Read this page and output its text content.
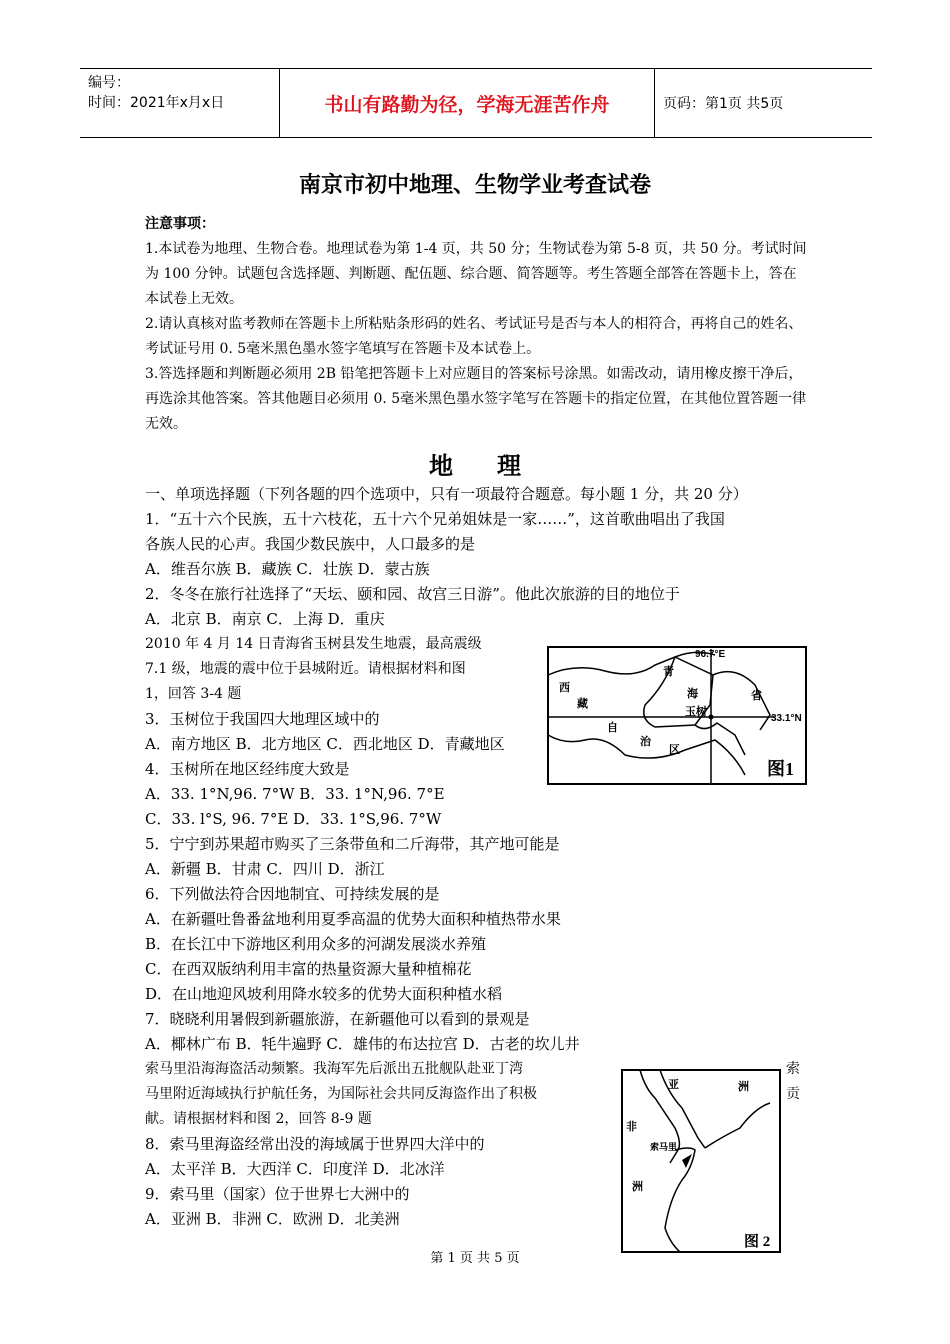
编号：
时间：2021年x月x日	书山有路勤为径，学海无涯苦作舟	页码：第1页 共5页
南京市初中地理、生物学业考查试卷

注意事项：

1.本试卷为地理、生物合卷。地理试卷为第 1-4 页，共 50 分；生物试卷为第 5-8 页，共 50 分。考试时间为 100 分钟。试题包含选择题、判断题、配伍题、综合题、简答题等。考生答题全部答在答题卡上，答在本试卷上无效。

2.请认真核对监考教师在答题卡上所粘贴条形码的姓名、考试证号是否与本人的相符合，再将自己的姓名、考试证号用 0. 5毫米黑色墨水签字笔填写在答题卡及本试卷上。

3.答选择题和判断题必须用 2B 铅笔把答题卡上对应题目的答案标号涂黑。如需改动，请用橡皮擦干净后，再选涂其他答案。答其他题目必须用 0. 5毫米黑色墨水签字笔写在答题卡的指定位置，在其他位置答题一律无效。

地理
一、单项选择题（下列各题的四个选项中，只有一项最符合题意。每小题 1 分，共 20 分）
1．“五十六个民族，五十六枝花，五十六个兄弟姐妹是一家……”，这首歌曲唱出了我国
各族人民的心声。我国少数民族中，人口最多的是
A．维吾尔族 B．藏族 C．壮族 D．蒙古族
2．冬冬在旅行社选择了“天坛、颐和园、故宫三日游”。他此次旅游的目的地位于
A．北京 B．南京 C．上海 D．重庆
2010 年 4 月 14 日青海省玉树县发生地震，最高震级
7.1 级，地震的震中位于县城附近。请根据材料和图
1，回答 3-4 题
3．玉树位于我国四大地理区域中的
A．南方地区 B．北方地区 C．西北地区 D．青藏地区
4．玉树所在地区经纬度大致是
A．33. 1°N,96. 7°W B．33. 1°N,96. 7°E
C．33. l°S, 96. 7°E D．33. 1°S,96. 7°W
5．宁宁到苏果超市购买了三条带鱼和二斤海带，其产地可能是
A．新疆 B．甘肃 C．四川 D．浙江
6．下列做法符合因地制宜、可持续发展的是
A．在新疆吐鲁番盆地利用夏季高温的优势大面积种植热带水果
B．在长江中下游地区利用众多的河湖发展淡水养殖
C．在西双版纳利用丰富的热量资源大量种植棉花
D．在山地迎风坡利用降水较多的优势大面积种植水稻
7．晓晓利用暑假到新疆旅游，在新疆他可以看到的景观是
A．椰林广布 B．牦牛遍野 C．雄伟的布达拉宫 D．古老的坎儿井
索马里沿海海盗活动频繁。我海军先后派出五批舰队赴亚丁湾
马里附近海域执行护航任务，为国际社会共同反海盗作出了积极
献。请根据材料和图 2，回答 8-9 题
8．索马里海盗经常出没的海域属于世界四大洋中的
A．太平洋 B．大西洋 C．印度洋 D．北冰洋
9．索马里（国家）位于世界七大洲中的
A．亚洲 B．非洲 C．欧洲 D．北美洲
索
贡
96.7°E
33.1°N
西
藏
青
海	省
自
治
区
玉树
图1
亚	洲
非
洲
索马里
图 2
第 1 页 共 5 页
